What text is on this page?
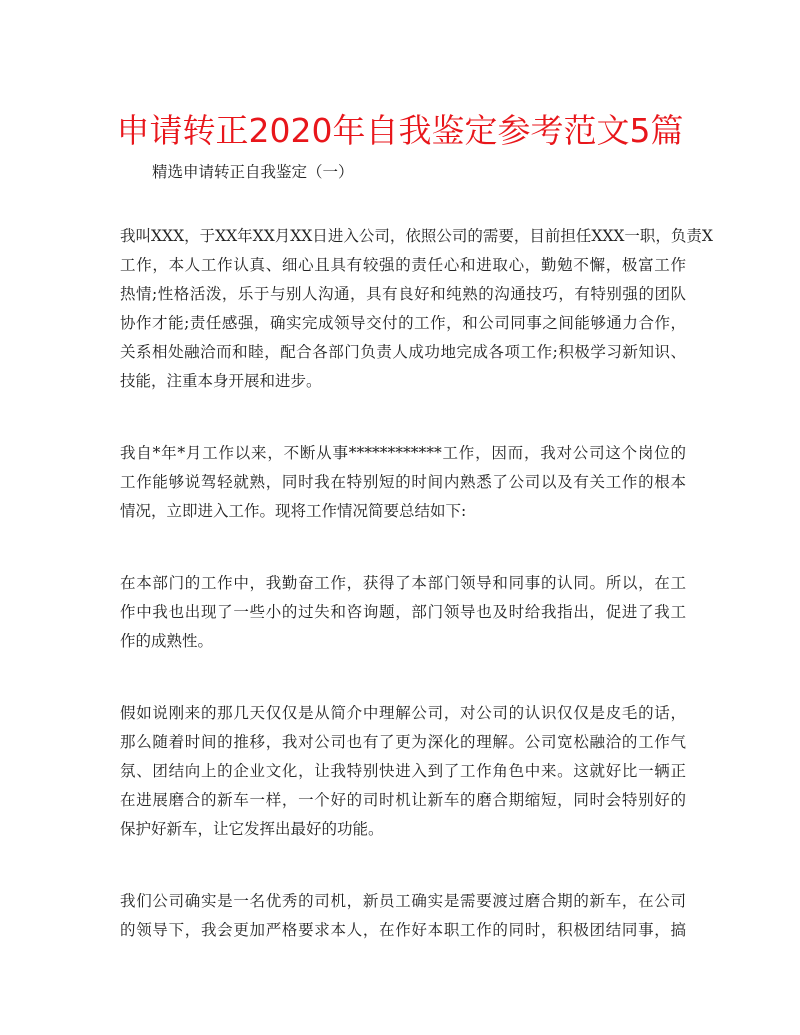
申请转正2020年自我鉴定参考范文5篇

精选申请转正自我鉴定（一）

我叫XXX，于XX年XX月XX日进入公司，依照公司的需要，目前担任XXX一职，负责X
工作，本人工作认真、细心且具有较强的责任心和进取心，勤勉不懈，极富工作
热情;性格活泼，乐于与别人沟通，具有良好和纯熟的沟通技巧，有特别强的团队
协作才能;责任感强，确实完成领导交付的工作，和公司同事之间能够通力合作，
关系相处融洽而和睦，配合各部门负责人成功地完成各项工作;积极学习新知识、
技能，注重本身开展和进步。
我自*年*月工作以来，不断从事************工作，因而，我对公司这个岗位的
工作能够说驾轻就熟，同时我在特别短的时间内熟悉了公司以及有关工作的根本
情况，立即进入工作。现将工作情况简要总结如下:
在本部门的工作中，我勤奋工作，获得了本部门领导和同事的认同。所以，在工
作中我也出现了一些小的过失和咨询题，部门领导也及时给我指出，促进了我工
作的成熟性。
假如说刚来的那几天仅仅是从简介中理解公司，对公司的认识仅仅是皮毛的话，
那么随着时间的推移，我对公司也有了更为深化的理解。公司宽松融洽的工作气
氛、团结向上的企业文化，让我特别快进入到了工作角色中来。这就好比一辆正
在进展磨合的新车一样，一个好的司时机让新车的磨合期缩短，同时会特别好的
保护好新车，让它发挥出最好的功能。
我们公司确实是一名优秀的司机，新员工确实是需要渡过磨合期的新车，在公司
的领导下，我会更加严格要求本人，在作好本职工作的同时，积极团结同事，搞
